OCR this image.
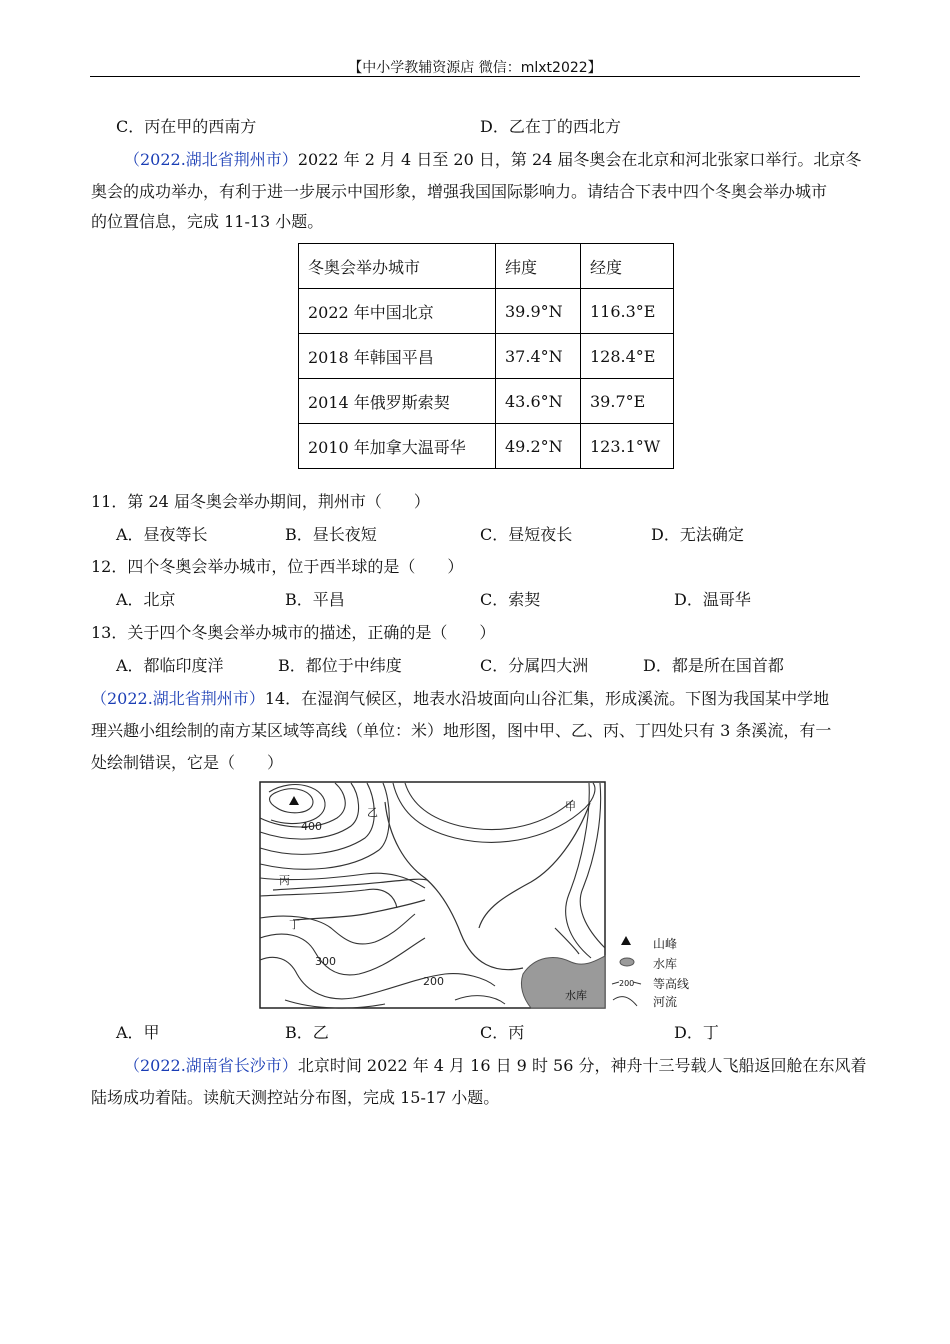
【中小学教辅资源店 微信：mlxt2022】
C．丙在甲的西南方	D．乙在丁的西北方
（2022.湖北省荆州市）2022 年 2 月 4 日至 20 日，第 24 届冬奥会在北京和河北张家口举行。北京冬
奥会的成功举办，有利于进一步展示中国形象，增强我国国际影响力。请结合下表中四个冬奥会举办城市
的位置信息，完成 11-13 小题。
冬奥会举办城市	纬度	经度
2022 年中国北京	39.9°N	116.3°E
2018 年韩国平昌	37.4°N	128.4°E
2014 年俄罗斯索契	43.6°N	39.7°E
2010 年加拿大温哥华	49.2°N	123.1°W
11．第 24 届冬奥会举办期间，荆州市（　　）
A．昼夜等长	B．昼长夜短	C．昼短夜长	D．无法确定
12．四个冬奥会举办城市，位于西半球的是（　　）
A．北京	B．平昌	C．索契	D．温哥华
13．关于四个冬奥会举办城市的描述，正确的是（　　）
A．都临印度洋	B．都位于中纬度	C．分属四大洲	D．都是所在国首都
（2022.湖北省荆州市）14．在湿润气候区，地表水沿坡面向山谷汇集，形成溪流。下图为我国某中学地
理兴趣小组绘制的南方某区域等高线（单位：米）地形图，图中甲、乙、丙、丁四处只有 3 条溪流，有一
处绘制错误，它是（　　）
水库
400
300
200
乙	甲
丙
丁
山峰
水库
200 等高线
河流
A．甲	B．乙	C．丙	D．丁
（2022.湖南省长沙市）北京时间 2022 年 4 月 16 日 9 时 56 分，神舟十三号载人飞船返回舱在东风着
陆场成功着陆。读航天测控站分布图，完成 15-17 小题。
